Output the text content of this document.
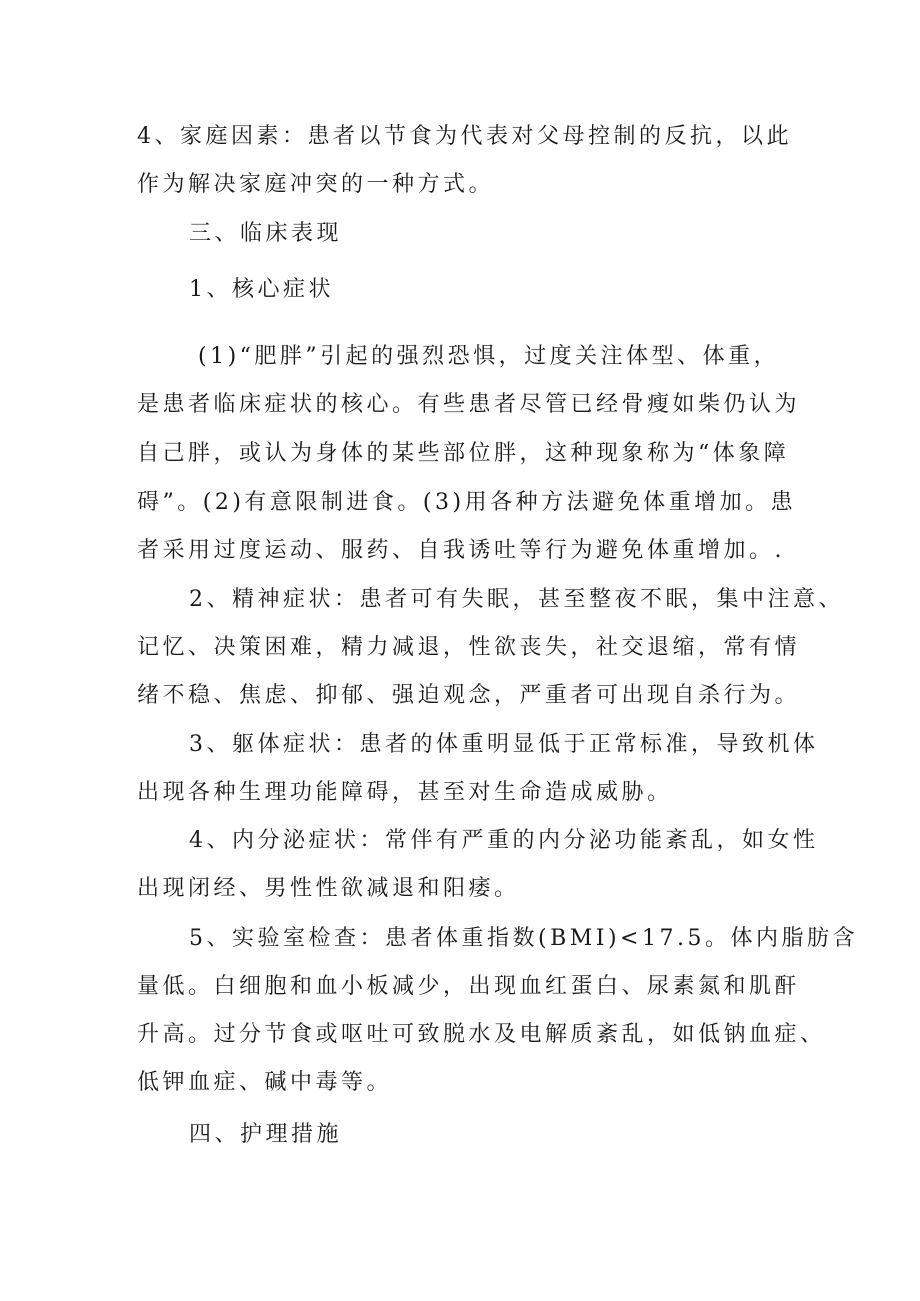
4、家庭因素：患者以节食为代表对父母控制的反抗，以此
作为解决家庭冲突的一种方式。
三、临床表现
1、核心症状
(1)“肥胖”引起的强烈恐惧，过度关注体型、体重，
是患者临床症状的核心。有些患者尽管已经骨瘦如柴仍认为
自己胖，或认为身体的某些部位胖，这种现象称为“体象障
碍”。(2)有意限制进食。(3)用各种方法避免体重增加。患
者采用过度运动、服药、自我诱吐等行为避免体重增加。.
2、精神症状：患者可有失眠，甚至整夜不眠，集中注意、
记忆、决策困难，精力减退，性欲丧失，社交退缩，常有情
绪不稳、焦虑、抑郁、强迫观念，严重者可出现自杀行为。
3、躯体症状：患者的体重明显低于正常标准，导致机体
出现各种生理功能障碍，甚至对生命造成威胁。
4、内分泌症状：常伴有严重的内分泌功能紊乱，如女性
出现闭经、男性性欲减退和阳痿。
5、实验室检查：患者体重指数(BMI)<17.5。体内脂肪含
量低。白细胞和血小板减少，出现血红蛋白、尿素氮和肌酐
升高。过分节食或呕吐可致脱水及电解质紊乱，如低钠血症、
低钾血症、碱中毒等。
四、护理措施
